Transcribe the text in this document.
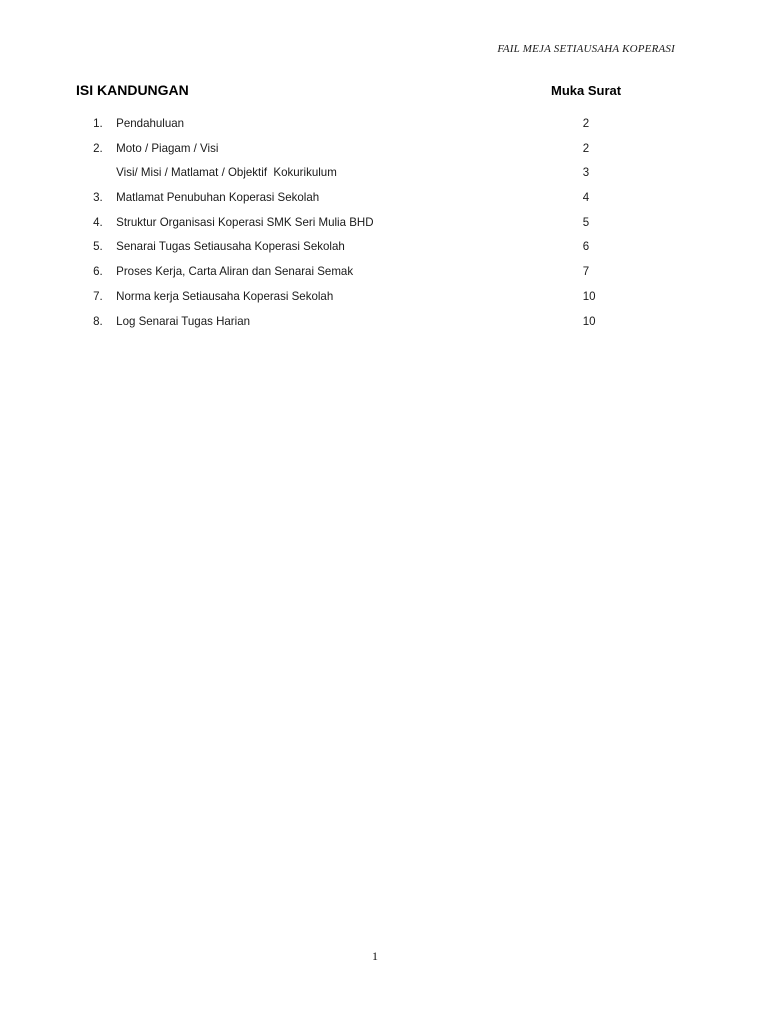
FAIL MEJA SETIAUSAHA KOPERASI
ISI KANDUNGAN	Muka Surat
1. Pendahuluan	2
2. Moto / Piagam / Visi	2
Visi/ Misi / Matlamat / Objektif  Kokurikulum	3
3. Matlamat Penubuhan Koperasi Sekolah	4
4. Struktur Organisasi Koperasi SMK Seri Mulia BHD	5
5. Senarai Tugas Setiausaha Koperasi Sekolah	6
6. Proses Kerja, Carta Aliran dan Senarai Semak	7
7. Norma kerja Setiausaha Koperasi Sekolah	10
8. Log Senarai Tugas Harian	10
1
